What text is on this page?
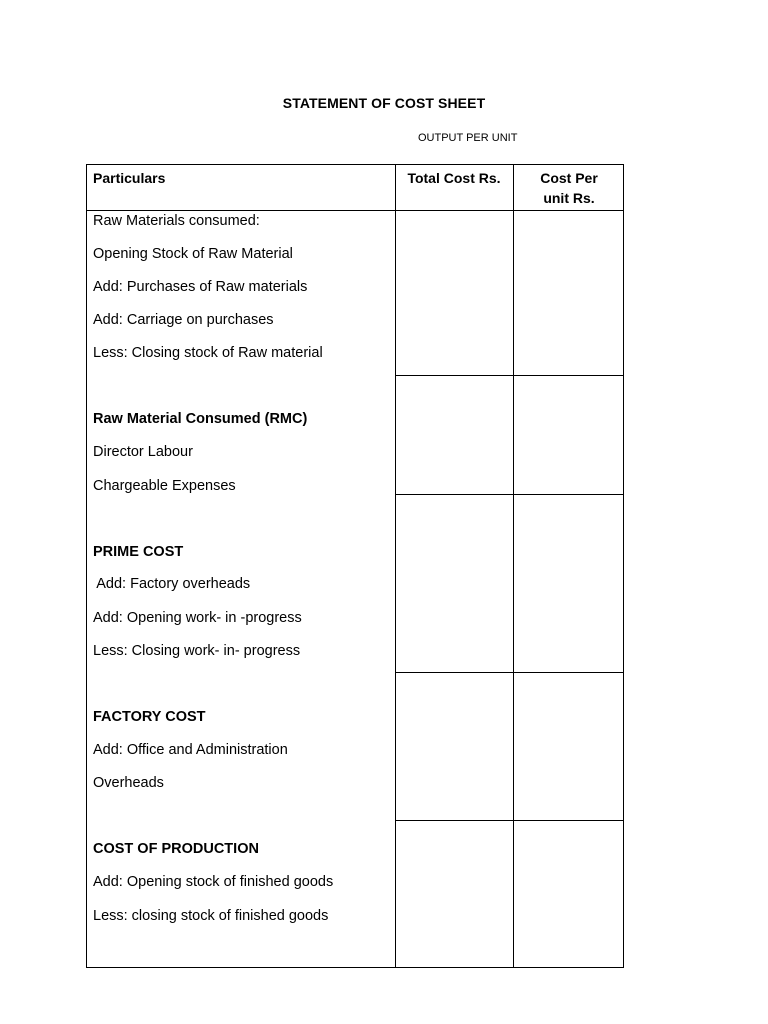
STATEMENT OF COST SHEET
OUTPUT PER UNIT
Particulars	Total Cost Rs.	Cost Per
unit Rs.
Raw Materials consumed:
Opening Stock of Raw Material
Add: Purchases of Raw materials
Add: Carriage on purchases
Less: Closing stock of Raw material
Raw Material Consumed (RMC)
Director Labour
Chargeable Expenses
PRIME COST
Add: Factory overheads
Add: Opening work- in -progress
Less: Closing work- in- progress
FACTORY COST
Add: Office and Administration
Overheads
COST OF PRODUCTION
Add: Opening stock of finished goods
Less: closing stock of finished goods
